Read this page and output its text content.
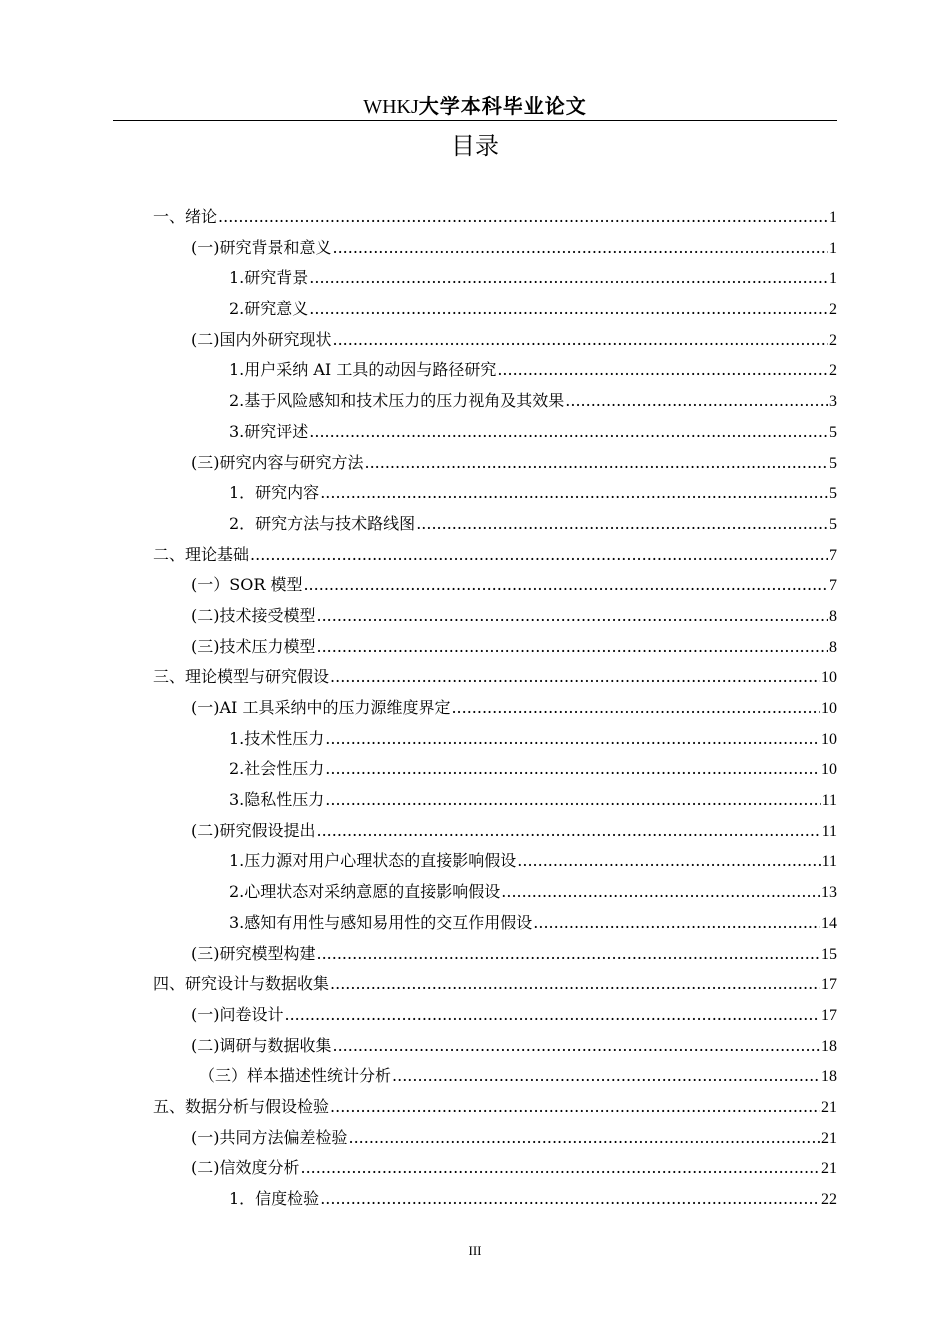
WHKJ大学本科毕业论文
目录
一、绪论 .....	1
(一)研究背景和意义 .....	1
1.研究背景 .....	1
2.研究意义 .....	2
(二)国内外研究现状 .....	2
1.用户采纳 AI 工具的动因与路径研究 .....	2
2.基于风险感知和技术压力的压力视角及其效果 .....	3
3.研究评述 .....	5
(三)研究内容与研究方法 .....	5
1．研究内容 .....	5
2．研究方法与技术路线图 .....	5
二、理论基础 .....	7
(一）SOR 模型 .....	7
(二)技术接受模型 .....	8
(三)技术压力模型 .....	8
三、理论模型与研究假设 .....	10
(一)AI 工具采纳中的压力源维度界定 .....	10
1.技术性压力 .....	10
2.社会性压力 .....	10
3.隐私性压力 .....	11
(二)研究假设提出 .....	11
1.压力源对用户心理状态的直接影响假设 .....	11
2.心理状态对采纳意愿的直接影响假设 .....	13
3.感知有用性与感知易用性的交互作用假设 .....	14
(三)研究模型构建 .....	15
四、研究设计与数据收集 .....	17
(一)问卷设计 .....	17
(二)调研与数据收集 .....	18
（三）样本描述性统计分析 .....	18
五、数据分析与假设检验 .....	21
(一)共同方法偏差检验 .....	21
(二)信效度分析 .....	21
1．信度检验 .....	22
III
